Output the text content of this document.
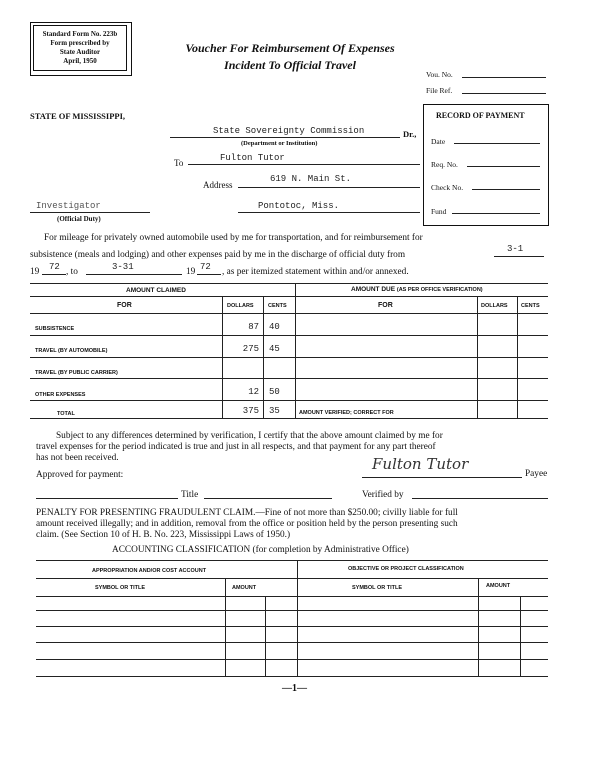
Standard Form No. 223b
Form prescribed by
State Auditor
April, 1950
Voucher For Reimbursement Of Expenses
Incident To Official Travel
Vou. No.
File Ref.
STATE OF MISSISSIPPI,	RECORD OF PAYMENT
Date
Req. No.
Check No.
Fund
State Sovereignty Commission	Dr.,
(Department or Institution)
To	Fulton Tutor
Address
619 N. Main St.
Pontotoc, Miss.
Investigator
(Official Duty)
For mileage for privately owned automobile used by me for transportation, and for reimbursement for
subsistence (meals and lodging) and other expenses paid by me in the discharge of official duty from
3-1
19 72 , to	3-31	19 72 , as per itemized statement within and/or annexed.
AMOUNT CLAIMED
FOR	DOLLARS	CENTS
AMOUNT DUE (AS PER OFFICE VERIFICATION)
FOR	DOLLARS CENTS
SUBSISTENCE	87 40
TRAVEL (BY AUTOMOBILE)	275 45
TRAVEL (BY PUBLIC CARRIER)
OTHER EXPENSES	12 50
TOTAL	375 35	AMOUNT VERIFIED; CORRECT FOR
Subject to any differences determined by verification, I certify that the above amount claimed by me for
travel expenses for the period indicated is true and just in all respects, and that payment for any part thereof
has not been received.
Approved for payment:
Fulton Tutor
Payee
Title	Verified by
PENALTY FOR PRESENTING FRAUDULENT CLAIM.—Fine of not more than $250.00; civilly liable for full
amount received illegally; and in addition, removal from the office or position held by the person presenting such
claim. (See Section 10 of H. B. No. 223, Mississippi Laws of 1950.)
ACCOUNTING CLASSIFICATION (for completion by Administrative Office)
APPROPRIATION AND/OR COST ACCOUNT	OBJECTIVE OR PROJECT CLASSIFICATION
SYMBOL OR TITLE	AMOUNT	SYMBOL OR TITLE	AMOUNT
—1—
